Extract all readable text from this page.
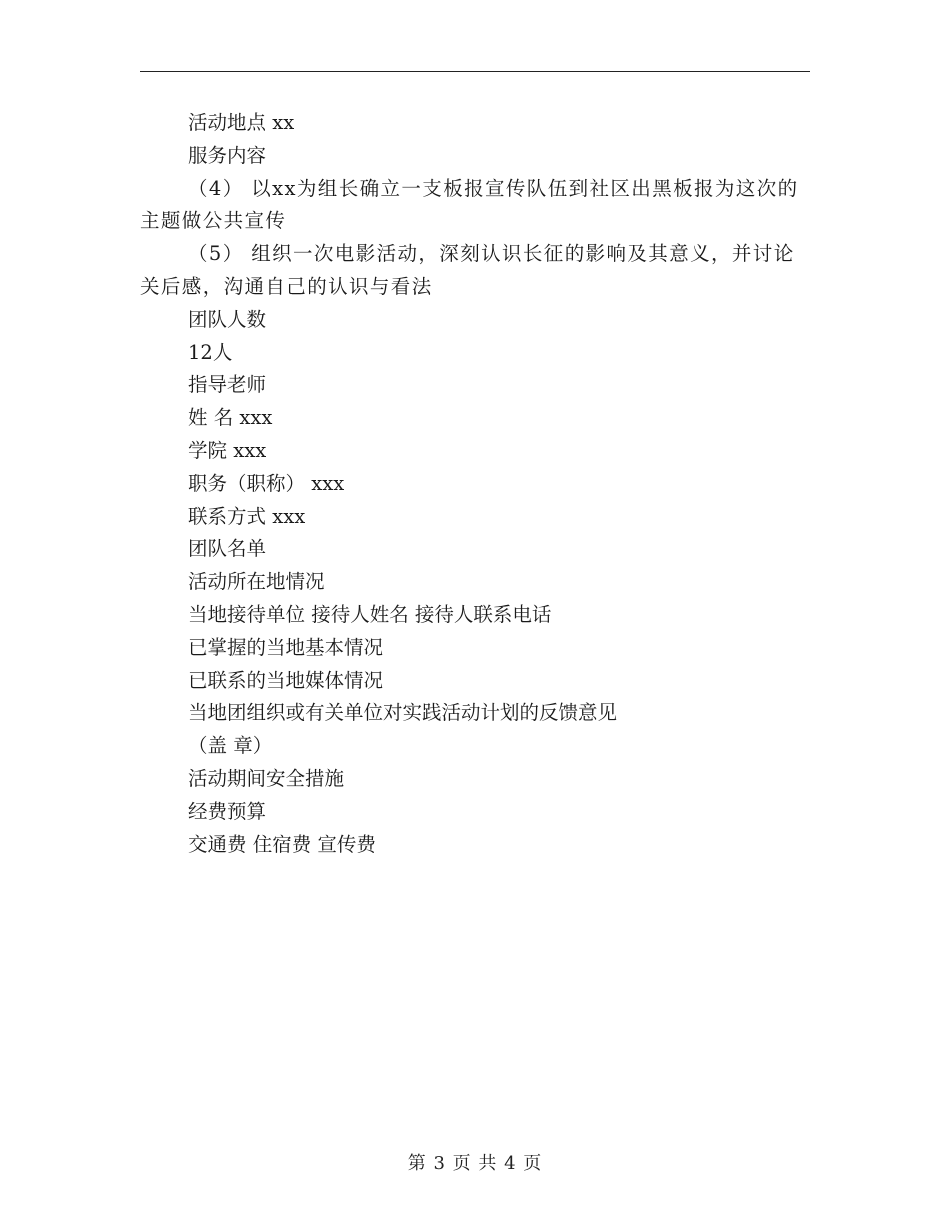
活动地点 xx
服务内容
（4） 以xx为组长确立一支板报宣传队伍到社区出黑板报为这次的主题做公共宣传
（5） 组织一次电影活动，深刻认识长征的影响及其意义，并讨论关后感，沟通自己的认识与看法
团队人数
12人
指导老师
姓 名 xxx
学院 xxx
职务（职称） xxx
联系方式 xxx
团队名单
活动所在地情况
当地接待单位 接待人姓名 接待人联系电话
已掌握的当地基本情况
已联系的当地媒体情况
当地团组织或有关单位对实践活动计划的反馈意见
（盖 章）
活动期间安全措施
经费预算
交通费 住宿费 宣传费
第 3 页 共 4 页
